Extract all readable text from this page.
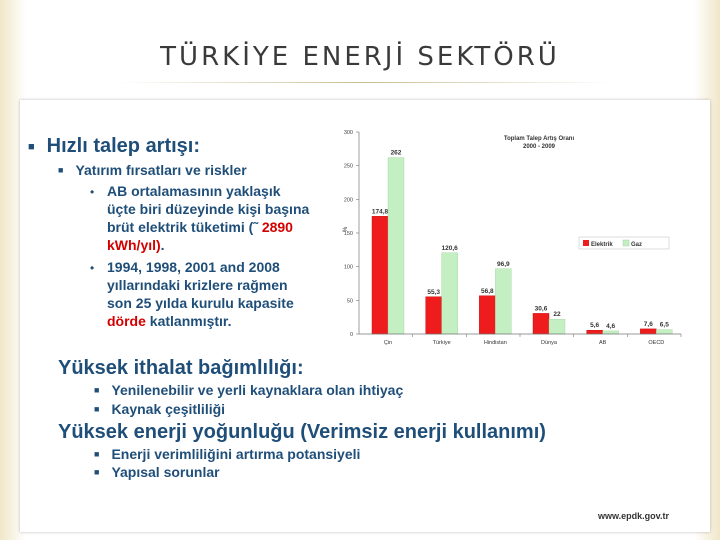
TÜRKİYE ENERJİ SEKTÖRÜ
■ Hızlı talep artışı:
■ Yatırım fırsatları ve riskler
• AB ortalamasının yaklaşık
üçte biri düzeyinde kişi başına
brüt elektrik tüketimi (˜ 2890
kWh/yıl).
• 1994, 1998, 2001 and 2008
yıllarındaki krizlere rağmen
son 25 yılda kurulu kapasite
dörde katlanmıştır.
Toplam Talep Artış Oranı
2000 - 2009
%
0
50
100
150
200
250
300
174,8
262
55,3
120,6
56,8
96,9
30,6
22
5,6 4,6	7,6 6,5
Çin	Türkiye	Hindistan	Dünya	AB	OECD
Elektrik	Gaz
Yüksek ithalat bağımlılığı:
■ Yenilenebilir ve yerli kaynaklara olan ihtiyaç
■ Kaynak çeşitliliği
Yüksek enerji yoğunluğu (Verimsiz enerji kullanımı)
■ Enerji verimliliğini artırma potansiyeli
■ Yapısal sorunlar
www.epdk.gov.tr
